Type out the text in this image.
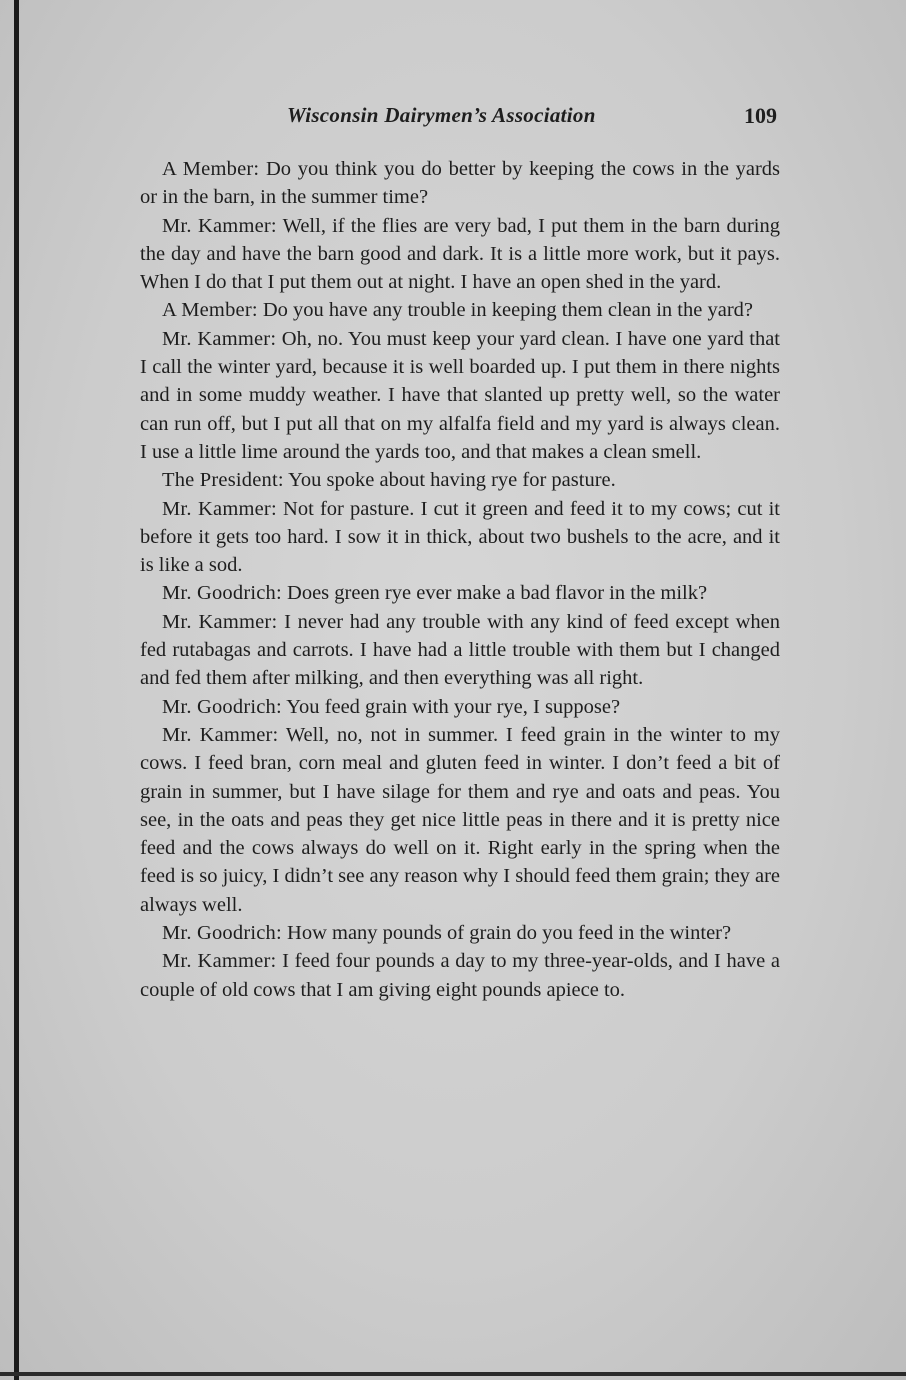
Wisconsin Dairymen’s Association	109

A Member: Do you think you do better by keeping the cows in the yards or in the barn, in the summer time?

Mr. Kammer: Well, if the flies are very bad, I put them in the barn during the day and have the barn good and dark. It is a little more work, but it pays. When I do that I put them out at night. I have an open shed in the yard.

A Member: Do you have any trouble in keeping them clean in the yard?

Mr. Kammer: Oh, no. You must keep your yard clean. I have one yard that I call the winter yard, because it is well boarded up. I put them in there nights and in some muddy weather. I have that slanted up pretty well, so the water can run off, but I put all that on my alfalfa field and my yard is always clean. I use a little lime around the yards too, and that makes a clean smell.

The President: You spoke about having rye for pasture.

Mr. Kammer: Not for pasture. I cut it green and feed it to my cows; cut it before it gets too hard. I sow it in thick, about two bushels to the acre, and it is like a sod.

Mr. Goodrich: Does green rye ever make a bad flavor in the milk?

Mr. Kammer: I never had any trouble with any kind of feed except when fed rutabagas and carrots. I have had a little trouble with them but I changed and fed them after milking, and then everything was all right.

Mr. Goodrich: You feed grain with your rye, I suppose?

Mr. Kammer: Well, no, not in summer. I feed grain in the winter to my cows. I feed bran, corn meal and gluten feed in winter. I don’t feed a bit of grain in summer, but I have silage for them and rye and oats and peas. You see, in the oats and peas they get nice little peas in there and it is pretty nice feed and the cows always do well on it. Right early in the spring when the feed is so juicy, I didn’t see any reason why I should feed them grain; they are always well.

Mr. Goodrich: How many pounds of grain do you feed in the winter?

Mr. Kammer: I feed four pounds a day to my three-year-olds, and I have a couple of old cows that I am giving eight pounds apiece to.
